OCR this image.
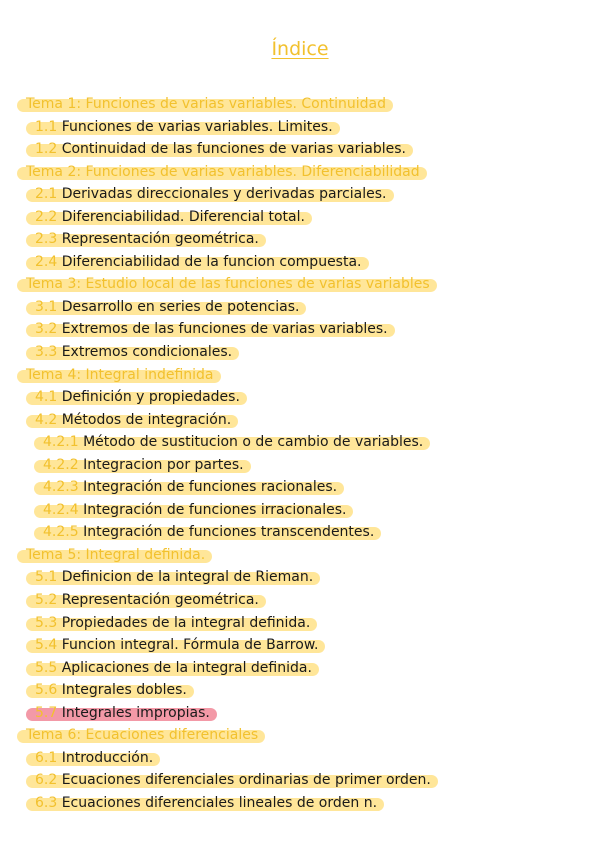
Índice
Tema 1: Funciones de varias variables. Continuidad
1.1 Funciones de varias variables. Limites.
1.2 Continuidad de las funciones de varias variables.
Tema 2: Funciones de varias variables. Diferenciabilidad
2.1 Derivadas direccionales y derivadas parciales.
2.2 Diferenciabilidad. Diferencial total.
2.3 Representación geométrica.
2.4 Diferenciabilidad de la funcion compuesta.
Tema 3: Estudio local de las funciones de varias variables
3.1 Desarrollo en series de potencias.
3.2 Extremos de las funciones de varias variables.
3.3 Extremos condicionales.
Tema 4: Integral indefinida
4.1 Definición y propiedades.
4.2 Métodos de integración.
4.2.1 Método de sustitucion o de cambio de variables.
4.2.2 Integracion por partes.
4.2.3 Integración de funciones racionales.
4.2.4 Integración de funciones irracionales.
4.2.5 Integración de funciones transcendentes.
Tema 5: Integral definida.
5.1 Definicion de la integral de Rieman.
5.2 Representación geométrica.
5.3 Propiedades de la integral definida.
5.4 Funcion integral. Fórmula de Barrow.
5.5 Aplicaciones de la integral definida.
5.6 Integrales dobles.
5.7 Integrales impropias.
Tema 6: Ecuaciones diferenciales
6.1 Introducción.
6.2 Ecuaciones diferenciales ordinarias de primer orden.
6.3 Ecuaciones diferenciales lineales de orden n.
